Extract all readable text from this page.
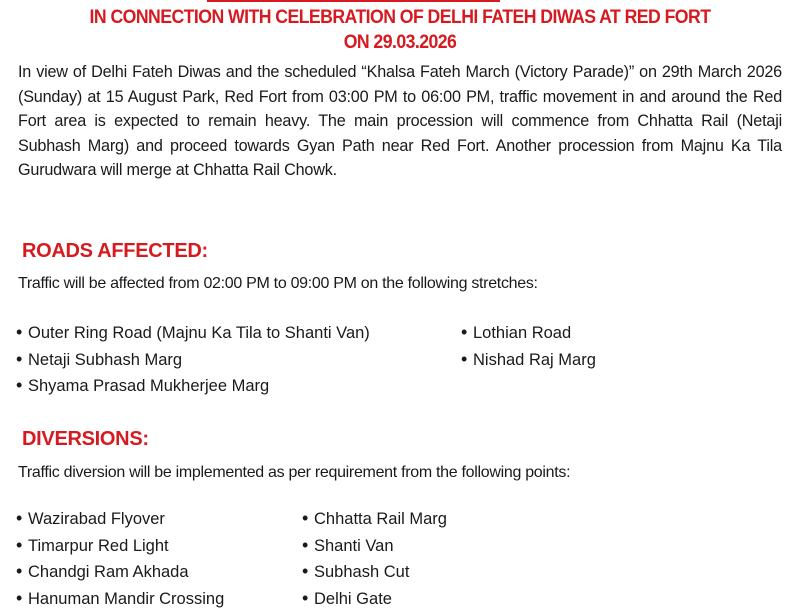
IN CONNECTION WITH CELEBRATION OF DELHI FATEH DIWAS AT RED FORT
ON 29.03.2026
In view of Delhi Fateh Diwas and the scheduled “Khalsa Fateh March (Victory Parade)” on 29th March 2026 (Sunday) at 15 August Park, Red Fort from 03:00 PM to 06:00 PM, traffic movement in and around the Red Fort area is expected to remain heavy. The main procession will commence from Chhatta Rail (Netaji Subhash Marg) and proceed towards Gyan Path near Red Fort. Another procession from Majnu Ka Tila Gurudwara will merge at Chhatta Rail Chowk.
ROADS AFFECTED:
Traffic will be affected from 02:00 PM to 09:00 PM on the following stretches:
• Outer Ring Road (Majnu Ka Tila to Shanti Van)
• Netaji Subhash Marg
• Shyama Prasad Mukherjee Marg
• Lothian Road
• Nishad Raj Marg
DIVERSIONS:
Traffic diversion will be implemented as per requirement from the following points:
• Wazirabad Flyover
• Timarpur Red Light
• Chandgi Ram Akhada
• Hanuman Mandir Crossing
• Chhatta Rail Marg
• Shanti Van
• Subhash Cut
• Delhi Gate
